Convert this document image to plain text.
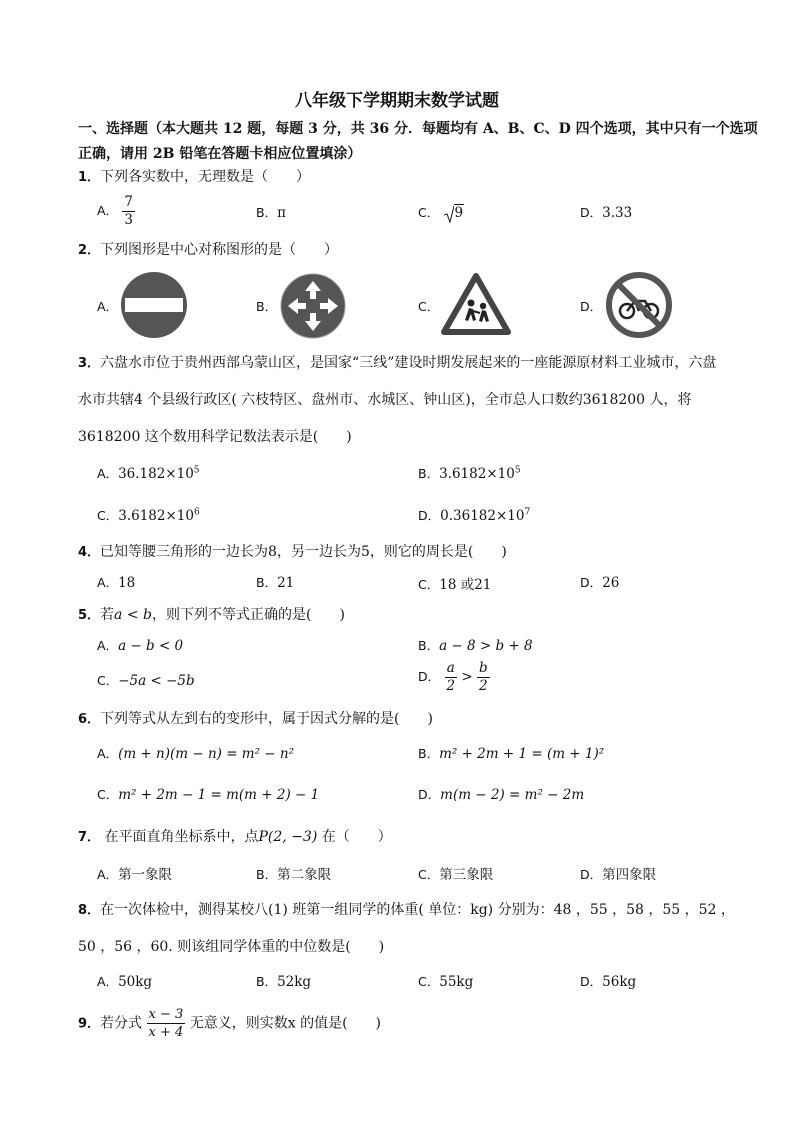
八年级下学期期末数学试题
一、选择题（本大题共 12 题，每题 3 分，共 36 分．每题均有 A、B、C、D 四个选项，其中只有一个选项正确，请用 2B 铅笔在答题卡相应位置填涂）
1．下列各实数中，无理数是（　　）
A． $\frac{7}{3}$	B．π	C． 9	D．3.33̇
2．下列图形是中心对称图形的是（　　）
A．	B．	C．	D．
3．六盘水市位于贵州西部乌蒙山区，是国家“三线”建设时期发展起来的一座能源原材料工业城市，六盘
水市共辖4 个县级行政区( 六枝特区、盘州市、水城区、钟山区)，全市总人口数约3618200 人，将
3618200 这个数用科学记数法表示是(　　)
A．$36.182\times 10^5$	B．$3.6182\times 10^5$
C．$3.6182\times 10^6$	D．$0.36182\times 10^7$
4．已知等腰三角形的一边长为8，另一边长为5，则它的周长是(　　)
A．18	B．21	C．18 或21	D．26
5．若a < b，则下列不等式正确的是(　　)
A．a − b < 0	B．a − 8 > b + 8
C．−5a < −5b	D． $\frac{a}{2} > \frac{b}{2}$
6．下列等式从左到右的变形中，属于因式分解的是(　　)
A．(m + n)(m − n) = m² − n²	B．m² + 2m + 1 = (m + 1)²
C．m² + 2m − 1 = m(m + 2) − 1	D．m(m − 2) = m² − 2m
7． 在平面直角坐标系中，点P(2, −3) 在（　　）
A．第一象限	B．第二象限	C．第三象限	D．第四象限
8．在一次体检中，测得某校八(1) 班第一组同学的体重( 单位：kg) 分别为：48 ，55 ，58 ，55 ，52 ，
50 ，56 ，60. 则该组同学体重的中位数是(　　)
A．50kg	B．52kg	C．55kg	D．56kg
9．若分式 $\frac{x - 3}{x + 4}$ 无意义，则实数x 的值是(　　)
